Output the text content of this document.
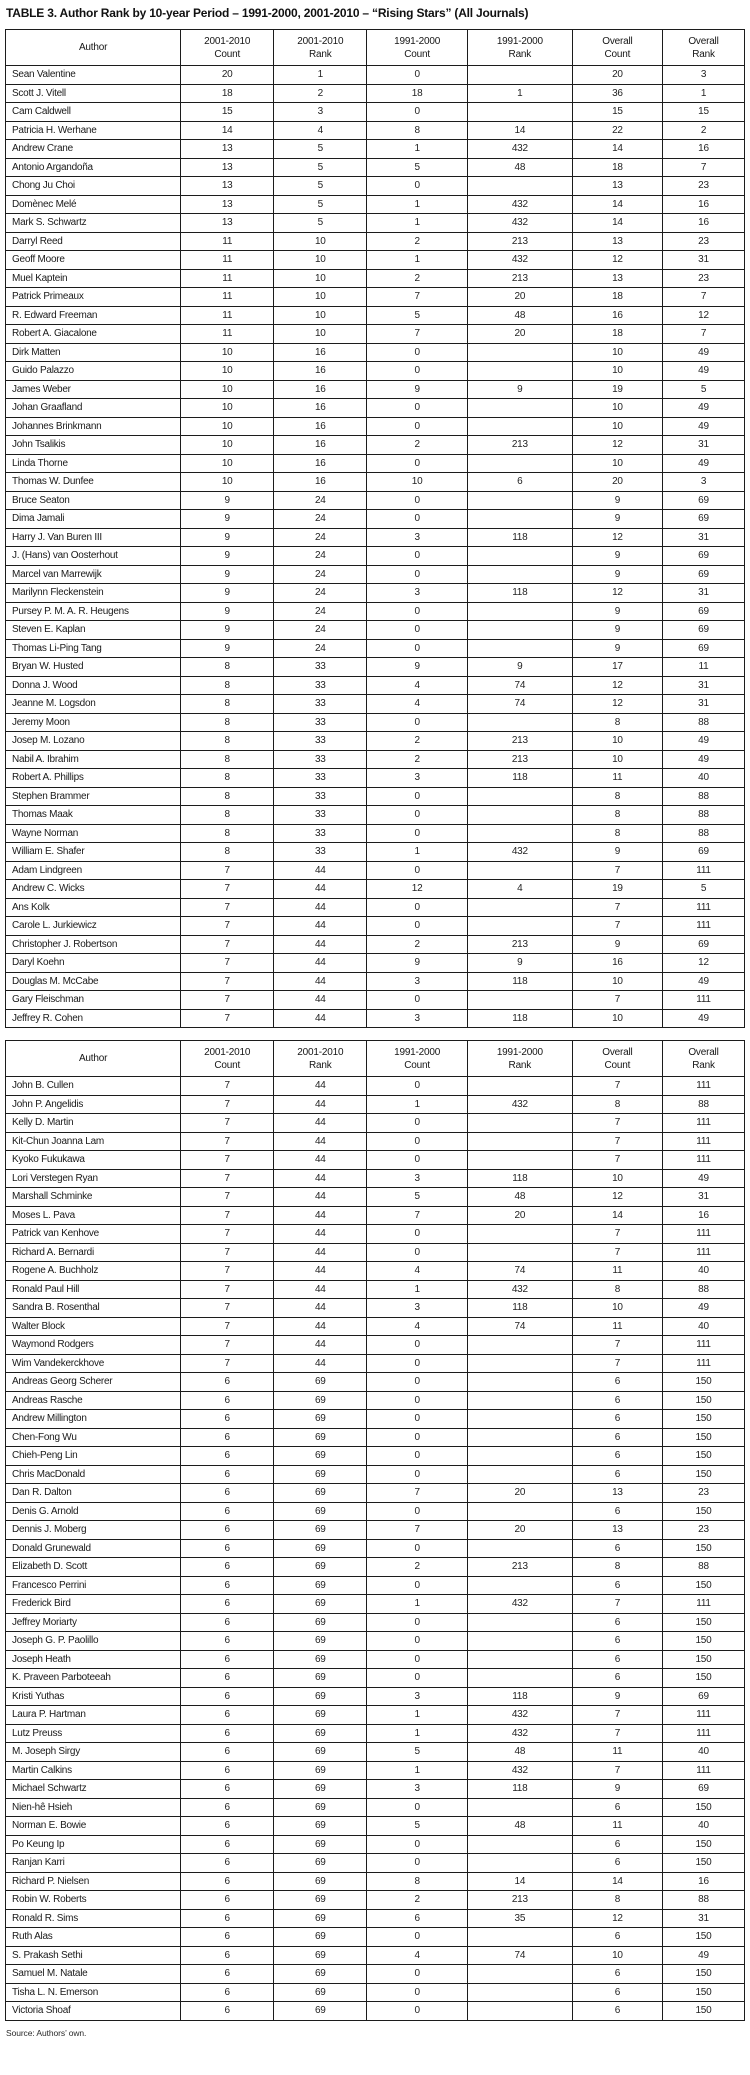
TABLE 3. Author Rank by 10-year Period – 1991-2000, 2001-2010 – “Rising Stars” (All Journals)
Author

2001-2010
Count

2001-2010
Rank

1991-2000
Count

1991-2000
Rank

Overall
Count

Overall
Rank

Sean Valentine	20	1	0		20	3
Scott J. Vitell	18	2	18	1	36	1
Cam Caldwell	15	3	0		15	15
Patricia H. Werhane	14	4	8	14	22	2
Andrew Crane	13	5	1	432	14	16
Antonio Argandoña	13	5	5	48	18	7
Chong Ju Choi	13	5	0		13	23
Domènec Melé	13	5	1	432	14	16
Mark S. Schwartz	13	5	1	432	14	16
Darryl Reed	11	10	2	213	13	23
Geoff Moore	11	10	1	432	12	31
Muel Kaptein	11	10	2	213	13	23
Patrick Primeaux	11	10	7	20	18	7
R. Edward Freeman	11	10	5	48	16	12
Robert A. Giacalone	11	10	7	20	18	7
Dirk Matten	10	16	0		10	49
Guido Palazzo	10	16	0		10	49
James Weber	10	16	9	9	19	5
Johan Graafland	10	16	0		10	49
Johannes Brinkmann	10	16	0		10	49
John Tsalikis	10	16	2	213	12	31
Linda Thorne	10	16	0		10	49
Thomas W. Dunfee	10	16	10	6	20	3
Bruce Seaton	9	24	0		9	69
Dima Jamali	9	24	0		9	69
Harry J. Van Buren III	9	24	3	118	12	31
J. (Hans) van Oosterhout	9	24	0		9	69
Marcel van Marrewijk	9	24	0		9	69
Marilynn Fleckenstein	9	24	3	118	12	31
Pursey P. M. A. R. Heugens	9	24	0		9	69
Steven E. Kaplan	9	24	0		9	69
Thomas Li-Ping Tang	9	24	0		9	69
Bryan W. Husted	8	33	9	9	17	11
Donna J. Wood	8	33	4	74	12	31
Jeanne M. Logsdon	8	33	4	74	12	31
Jeremy Moon	8	33	0		8	88
Josep M. Lozano	8	33	2	213	10	49
Nabil A. Ibrahim	8	33	2	213	10	49
Robert A. Phillips	8	33	3	118	11	40
Stephen Brammer	8	33	0		8	88
Thomas Maak	8	33	0		8	88
Wayne Norman	8	33	0		8	88
William E. Shafer	8	33	1	432	9	69
Adam Lindgreen	7	44	0		7	111
Andrew C. Wicks	7	44	12	4	19	5
Ans Kolk	7	44	0		7	111
Carole L. Jurkiewicz	7	44	0		7	111
Christopher J. Robertson	7	44	2	213	9	69
Daryl Koehn	7	44	9	9	16	12
Douglas M. McCabe	7	44	3	118	10	49
Gary Fleischman	7	44	0		7	111
Jeffrey R. Cohen	7	44	3	118	10	49
Author

2001-2010
Count

2001-2010
Rank

1991-2000
Count

1991-2000
Rank

Overall
Count

Overall
Rank

John B. Cullen	7	44	0		7	111
John P. Angelidis	7	44	1	432	8	88
Kelly D. Martin	7	44	0		7	111
Kit-Chun Joanna Lam	7	44	0		7	111
Kyoko Fukukawa	7	44	0		7	111
Lori Verstegen Ryan	7	44	3	118	10	49
Marshall Schminke	7	44	5	48	12	31
Moses L. Pava	7	44	7	20	14	16
Patrick van Kenhove	7	44	0		7	111
Richard A. Bernardi	7	44	0		7	111
Rogene A. Buchholz	7	44	4	74	11	40
Ronald Paul Hill	7	44	1	432	8	88
Sandra B. Rosenthal	7	44	3	118	10	49
Walter Block	7	44	4	74	11	40
Waymond Rodgers	7	44	0		7	111
Wim Vandekerckhove	7	44	0		7	111
Andreas Georg Scherer	6	69	0		6	150
Andreas Rasche	6	69	0		6	150
Andrew Millington	6	69	0		6	150
Chen-Fong Wu	6	69	0		6	150
Chieh-Peng Lin	6	69	0		6	150
Chris MacDonald	6	69	0		6	150
Dan R. Dalton	6	69	7	20	13	23
Denis G. Arnold	6	69	0		6	150
Dennis J. Moberg	6	69	7	20	13	23
Donald Grunewald	6	69	0		6	150
Elizabeth D. Scott	6	69	2	213	8	88
Francesco Perrini	6	69	0		6	150
Frederick Bird	6	69	1	432	7	111
Jeffrey Moriarty	6	69	0		6	150
Joseph G. P. Paolillo	6	69	0		6	150
Joseph Heath	6	69	0		6	150
K. Praveen Parboteeah	6	69	0		6	150
Kristi Yuthas	6	69	3	118	9	69
Laura P. Hartman	6	69	1	432	7	111
Lutz Preuss	6	69	1	432	7	111
M. Joseph Sirgy	6	69	5	48	11	40
Martin Calkins	6	69	1	432	7	111
Michael Schwartz	6	69	3	118	9	69
Nien-hê Hsieh	6	69	0		6	150
Norman E. Bowie	6	69	5	48	11	40
Po Keung Ip	6	69	0		6	150
Ranjan Karri	6	69	0		6	150
Richard P. Nielsen	6	69	8	14	14	16
Robin W. Roberts	6	69	2	213	8	88
Ronald R. Sims	6	69	6	35	12	31
Ruth Alas	6	69	0		6	150
S. Prakash Sethi	6	69	4	74	10	49
Samuel M. Natale	6	69	0		6	150
Tisha L. N. Emerson	6	69	0		6	150
Victoria Shoaf	6	69	0		6	150
Source: Authors’ own.
